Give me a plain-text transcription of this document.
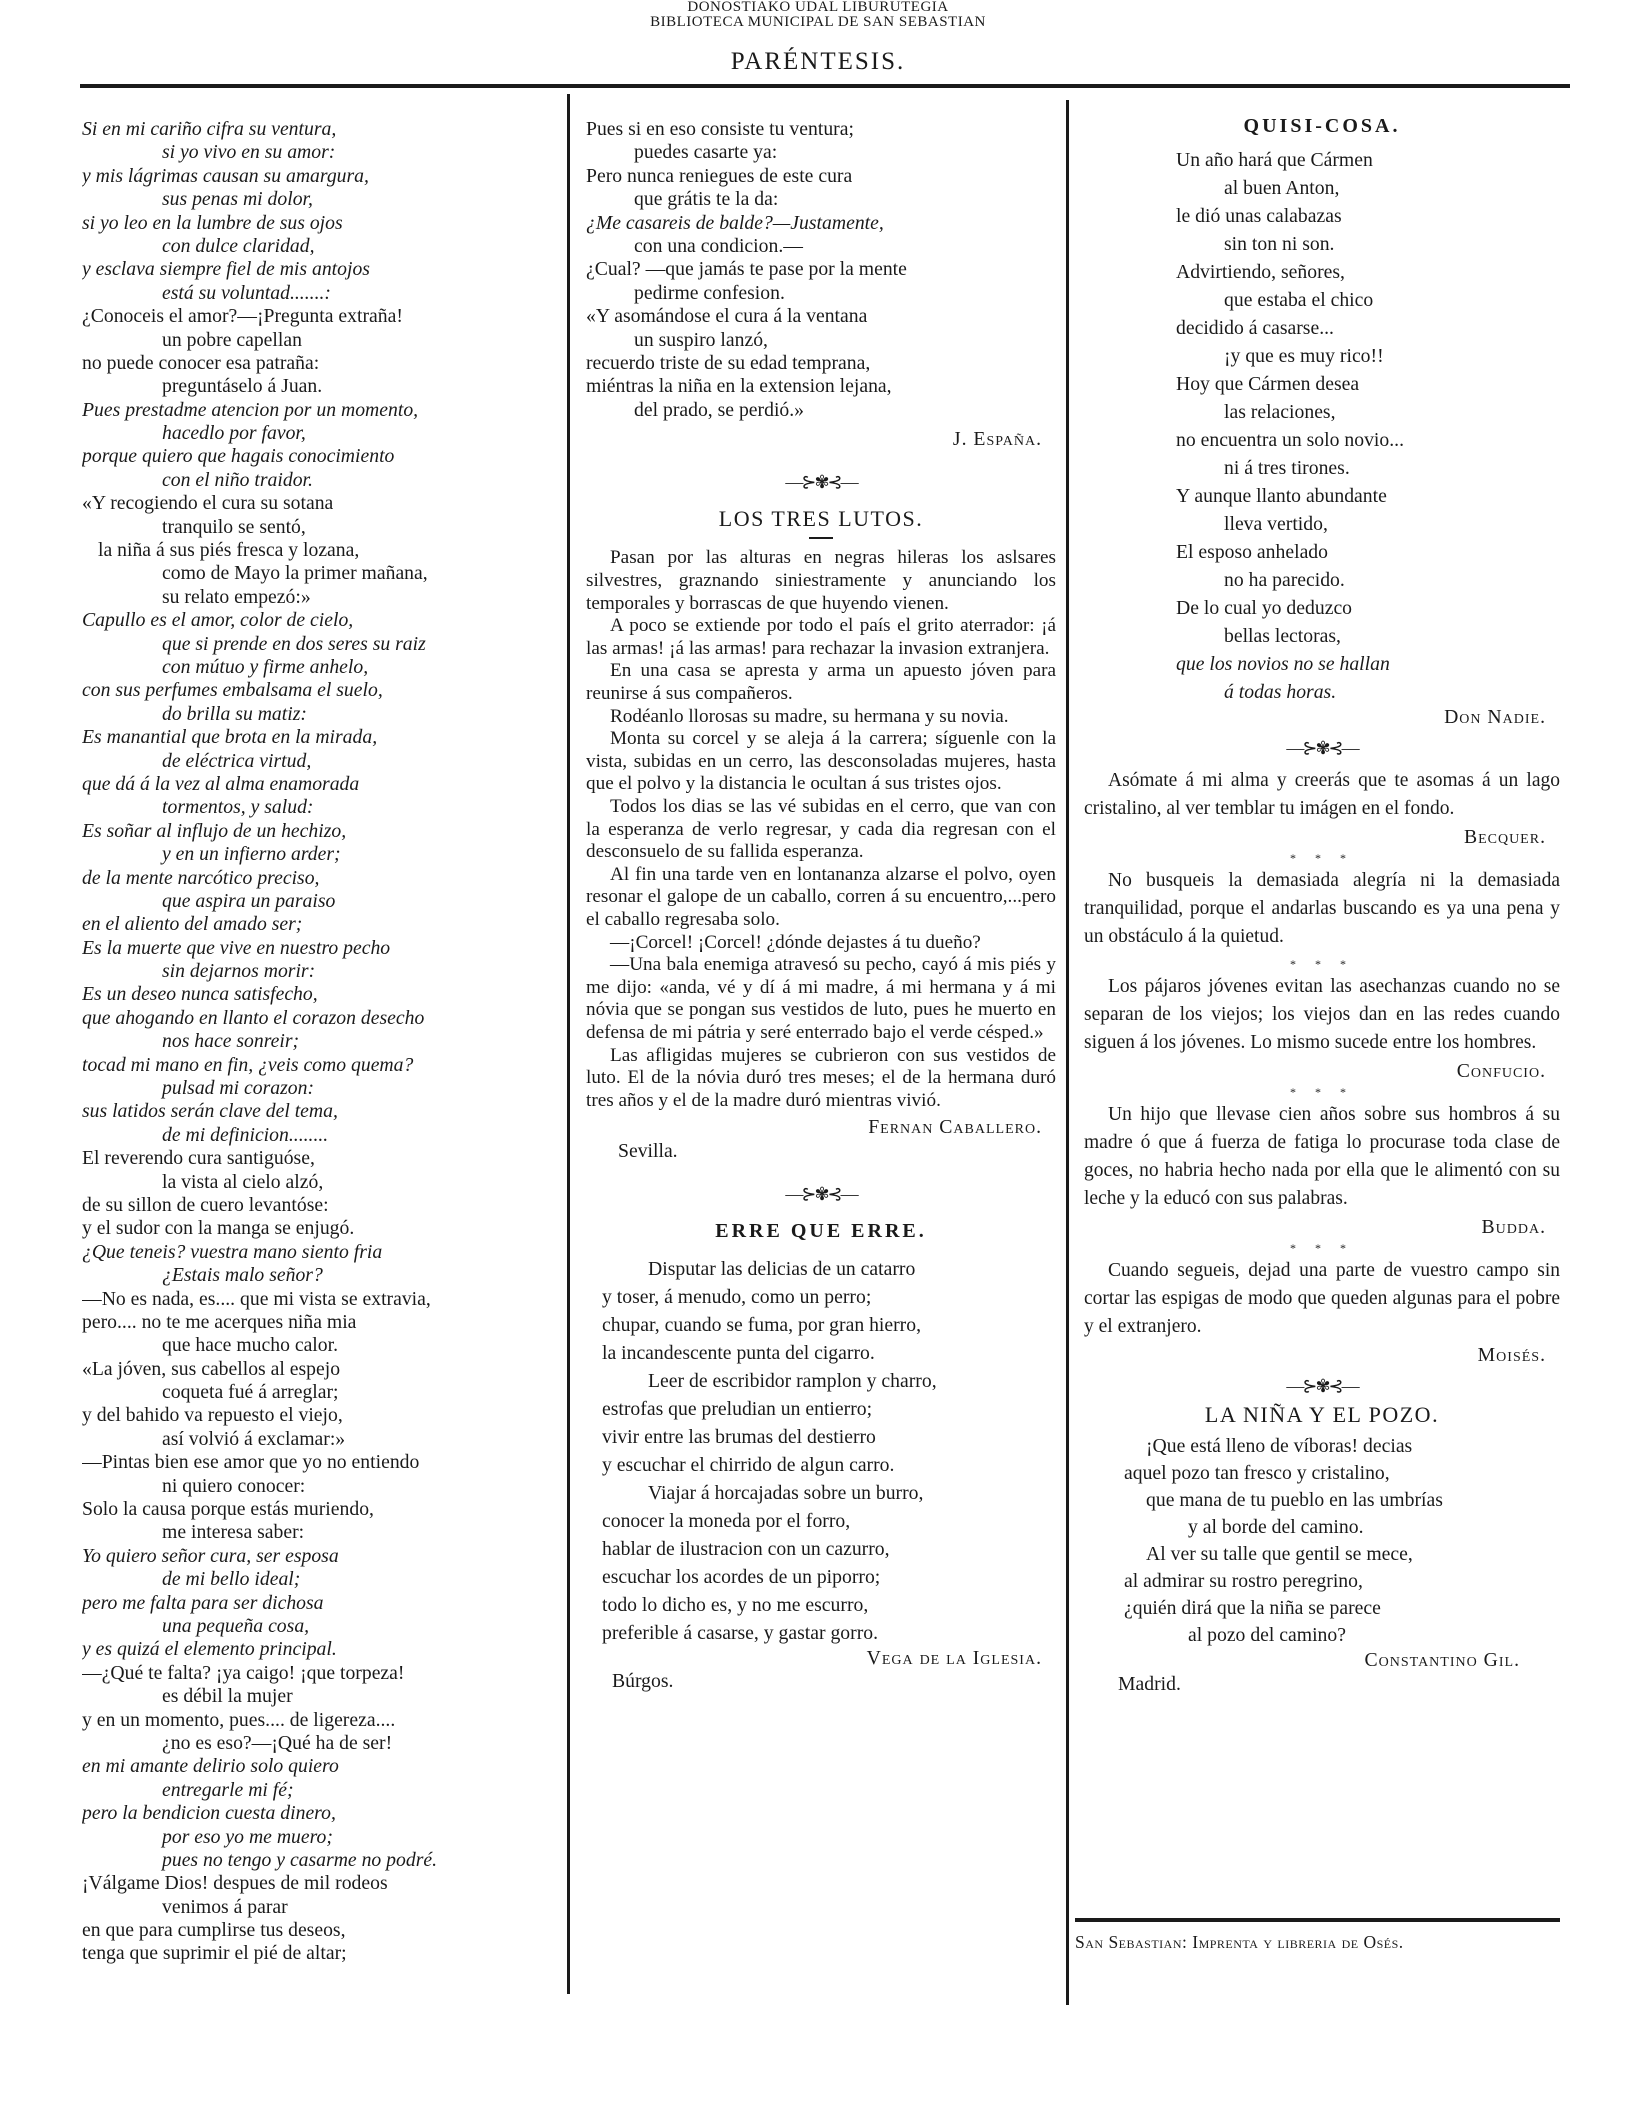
DONOSTIAKO UDAL LIBURUTEGIA
BIBLIOTECA MUNICIPAL DE SAN SEBASTIAN
PARÉNTESIS.
Si en mi cariño cifra su ventura,
si yo vivo en su amor:
y mis lágrimas causan su amargura,
sus penas mi dolor,
si yo leo en la lumbre de sus ojos
con dulce claridad,
y esclava siempre fiel de mis antojos
está su voluntad.......:
¿Conoceis el amor?—¡Pregunta extraña!
un pobre capellan
no puede conocer esa patraña:
preguntáselo á Juan.
Pues prestadme atencion por un momento,
hacedlo por favor,
porque quiero que hagais conocimiento
con el niño traidor.
«Y recogiendo el cura su sotana
tranquilo se sentó,
la niña á sus piés fresca y lozana,
como de Mayo la primer mañana,
su relato empezó:»
Capullo es el amor, color de cielo,
que si prende en dos seres su raiz
con mútuo y firme anhelo,
con sus perfumes embalsama el suelo,
do brilla su matiz:
Es manantial que brota en la mirada,
de eléctrica virtud,
que dá á la vez al alma enamorada
tormentos, y salud:
Es soñar al influjo de un hechizo,
y en un infierno arder;
de la mente narcótico preciso,
que aspira un paraiso
en el aliento del amado ser;
Es la muerte que vive en nuestro pecho
sin dejarnos morir:
Es un deseo nunca satisfecho,
que ahogando en llanto el corazon desecho
nos hace sonreir;
tocad mi mano en fin, ¿veis como quema?
pulsad mi corazon:
sus latidos serán clave del tema,
de mi definicion........
El reverendo cura santiguóse,
la vista al cielo alzó,
de su sillon de cuero levantóse:
y el sudor con la manga se enjugó.
¿Que teneis? vuestra mano siento fria
¿Estais malo señor?
—No es nada, es.... que mi vista se extravia,
pero.... no te me acerques niña mia
que hace mucho calor.
«La jóven, sus cabellos al espejo
coqueta fué á arreglar;
y del bahido va repuesto el viejo,
así volvió á exclamar:»
—Pintas bien ese amor que yo no entiendo
ni quiero conocer:
Solo la causa porque estás muriendo,
me interesa saber:
Yo quiero señor cura, ser esposa
de mi bello ideal;
pero me falta para ser dichosa
una pequeña cosa,
y es quizá el elemento principal.
—¿Qué te falta? ¡ya caigo! ¡que torpeza!
es débil la mujer
y en un momento, pues.... de ligereza....
¿no es eso?—¡Qué ha de ser!
en mi amante delirio solo quiero
entregarle mi fé;
pero la bendicion cuesta dinero,
por eso yo me muero;
pues no tengo y casarme no podré.
¡Válgame Dios! despues de mil rodeos
venimos á parar
en que para cumplirse tus deseos,
tenga que suprimir el pié de altar;
Pues si en eso consiste tu ventura;
puedes casarte ya:
Pero nunca reniegues de este cura
que grátis te la da:
¿Me casareis de balde?—Justamente,
con una condicion.—
¿Cual? —que jamás te pase por la mente
pedirme confesion.
«Y asomándose el cura á la ventana
un suspiro lanzó,
recuerdo triste de su edad temprana,
miéntras la niña en la extension lejana,
del prado, se perdió.»
J. España.
—⊱✾⊰—
LOS TRES LUTOS.
Pasan por las alturas en negras hileras los aslsares silvestres, graznando siniestramente y anunciando los temporales y borrascas de que huyendo vienen.
A poco se extiende por todo el país el grito aterrador: ¡á las armas! ¡á las armas! para rechazar la invasion extranjera.
En una casa se apresta y arma un apuesto jóven para reunirse á sus compañeros.
Rodéanlo llorosas su madre, su hermana y su novia.
Monta su corcel y se aleja á la carrera; síguenle con la vista, subidas en un cerro, las desconsoladas mujeres, hasta que el polvo y la distancia le ocultan á sus tristes ojos.
Todos los dias se las vé subidas en el cerro, que van con la esperanza de verlo regresar, y cada dia regresan con el desconsuelo de su fallida esperanza.
Al fin una tarde ven en lontananza alzarse el polvo, oyen resonar el galope de un caballo, corren á su encuentro,...pero el caballo regresaba solo.
—¡Corcel! ¡Corcel! ¿dónde dejastes á tu dueño?
—Una bala enemiga atravesó su pecho, cayó á mis piés y me dijo: «anda, vé y dí á mi madre, á mi hermana y á mi nóvia que se pongan sus vestidos de luto, pues he muerto en defensa de mi pátria y seré enterrado bajo el verde césped.»
Las afligidas mujeres se cubrieron con sus vestidos de luto. El de la nóvia duró tres meses; el de la hermana duró tres años y el de la madre duró mientras vivió.
Fernan Caballero.
Sevilla.
—⊱✾⊰—
ERRE QUE ERRE.
Disputar las delicias de un catarro
y toser, á menudo, como un perro;
chupar, cuando se fuma, por gran hierro,
la incandescente punta del cigarro.
Leer de escribidor ramplon y charro,
estrofas que preludian un entierro;
vivir entre las brumas del destierro
y escuchar el chirrido de algun carro.
Viajar á horcajadas sobre un burro,
conocer la moneda por el forro,
hablar de ilustracion con un cazurro,
escuchar los acordes de un piporro;
todo lo dicho es, y no me escurro,
preferible á casarse, y gastar gorro.
Vega de la Iglesia.
Búrgos.
QUISI-COSA.
Un año hará que Cármen
al buen Anton,
le dió unas calabazas
sin ton ni son.
Advirtiendo, señores,
que estaba el chico
decidido á casarse...
¡y que es muy rico!!
Hoy que Cármen desea
las relaciones,
no encuentra un solo novio...
ni á tres tirones.
Y aunque llanto abundante
lleva vertido,
El esposo anhelado
no ha parecido.
De lo cual yo deduzco
bellas lectoras,
que los novios no se hallan
á todas horas.
Don Nadie.
—⊱✾⊰—
Asómate á mi alma y creerás que te asomas á un lago cristalino, al ver temblar tu imágen en el fondo.
Becquer.
* * *
No busqueis la demasiada alegría ni la demasiada tranquilidad, porque el andarlas buscando es ya una pena y un obstáculo á la quietud.
* * *
Los pájaros jóvenes evitan las asechanzas cuando no se separan de los viejos; los viejos dan en las redes cuando siguen á los jóvenes. Lo mismo sucede entre los hombres.
Confucio.
* * *
Un hijo que llevase cien años sobre sus hombros á su madre ó que á fuerza de fatiga lo procurase toda clase de goces, no habria hecho nada por ella que le alimentó con su leche y la educó con sus palabras.
Budda.
* * *
Cuando segueis, dejad una parte de vuestro campo sin cortar las espigas de modo que queden algunas para el pobre y el extranjero.
Moisés.
—⊱✾⊰—
LA NIÑA Y EL POZO.
¡Que está lleno de víboras! decias
aquel pozo tan fresco y cristalino,
que mana de tu pueblo en las umbrías
y al borde del camino.
Al ver su talle que gentil se mece,
al admirar su rostro peregrino,
¿quién dirá que la niña se parece
al pozo del camino?
Constantino Gil.
Madrid.
San Sebastian: Imprenta y libreria de Osés.
